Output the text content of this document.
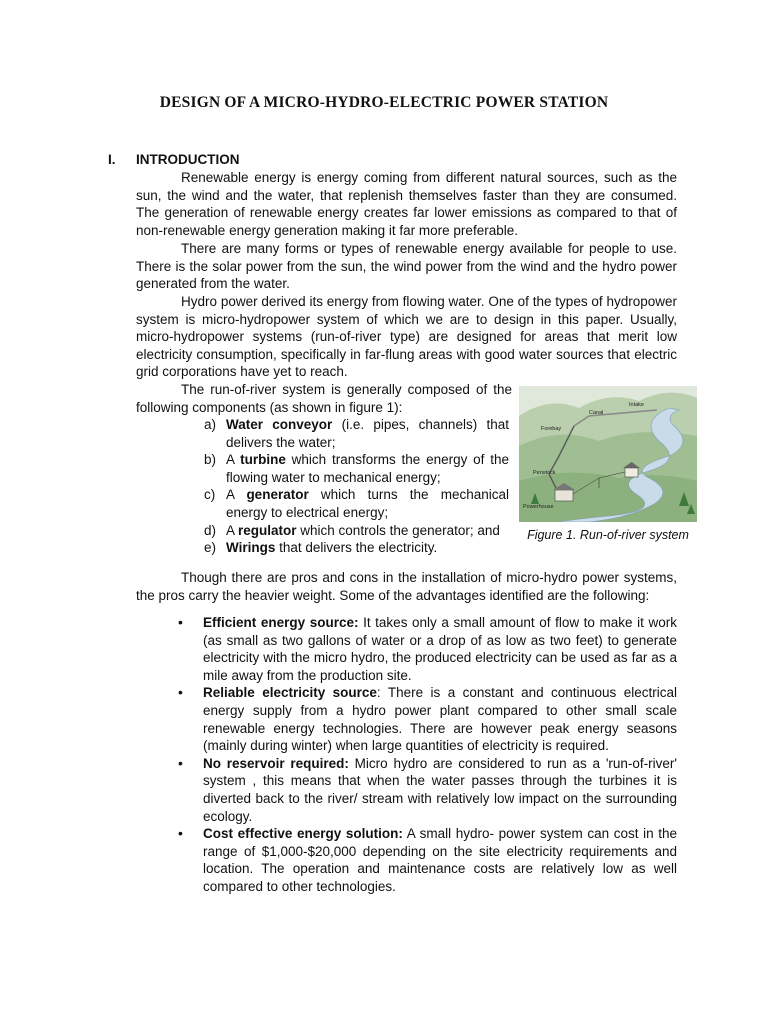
DESIGN OF A MICRO-HYDRO-ELECTRIC POWER STATION
I. INTRODUCTION

Renewable energy is energy coming from different natural sources, such as the sun, the wind and the water, that replenish themselves faster than they are consumed. The generation of renewable energy creates far lower emissions as compared to that of non-renewable energy generation making it far more preferable.

There are many forms or types of renewable energy available for people to use. There is the solar power from the sun, the wind power from the wind and the hydro power generated from the water.

Hydro power derived its energy from flowing water. One of the types of hydropower system is micro-hydropower system of which we are to design in this paper. Usually, micro-hydropower systems (run-of-river type) are designed for areas that merit low electricity consumption, specifically in far-flung areas with good water sources that electric grid corporations have yet to reach.

The run-of-river system is generally composed of the following components (as shown in figure 1):

a) Water conveyor (i.e. pipes, channels) that delivers the water;
b) A turbine which transforms the energy of the flowing water to mechanical energy;
c) A generator which turns the mechanical energy to electrical energy;
d) A regulator which controls the generator; and
e) Wirings that delivers the electricity.
Canal
Intake
Forebay
Penstock
Powerhouse
Figure 1. Run-of-river system

Though there are pros and cons in the installation of micro-hydro power systems, the pros carry the heavier weight. Some of the advantages identified are the following:

• Efficient energy source: It takes only a small amount of flow to make it work (as small as two gallons of water or a drop of as low as two feet) to generate electricity with the micro hydro, the produced electricity can be used as far as a mile away from the production site.
• Reliable electricity source: There is a constant and continuous electrical energy supply from a hydro power plant compared to other small scale renewable energy technologies. There are however peak energy seasons (mainly during winter) when large quantities of electricity is required.
• No reservoir required: Micro hydro are considered to run as a 'run-of-river' system , this means that when the water passes through the turbines it is diverted back to the river/ stream with relatively low impact on the surrounding ecology.
• Cost effective energy solution: A small hydro- power system can cost in the range of $1,000-$20,000 depending on the site electricity requirements and location. The operation and maintenance costs are relatively low as well compared to other technologies.
